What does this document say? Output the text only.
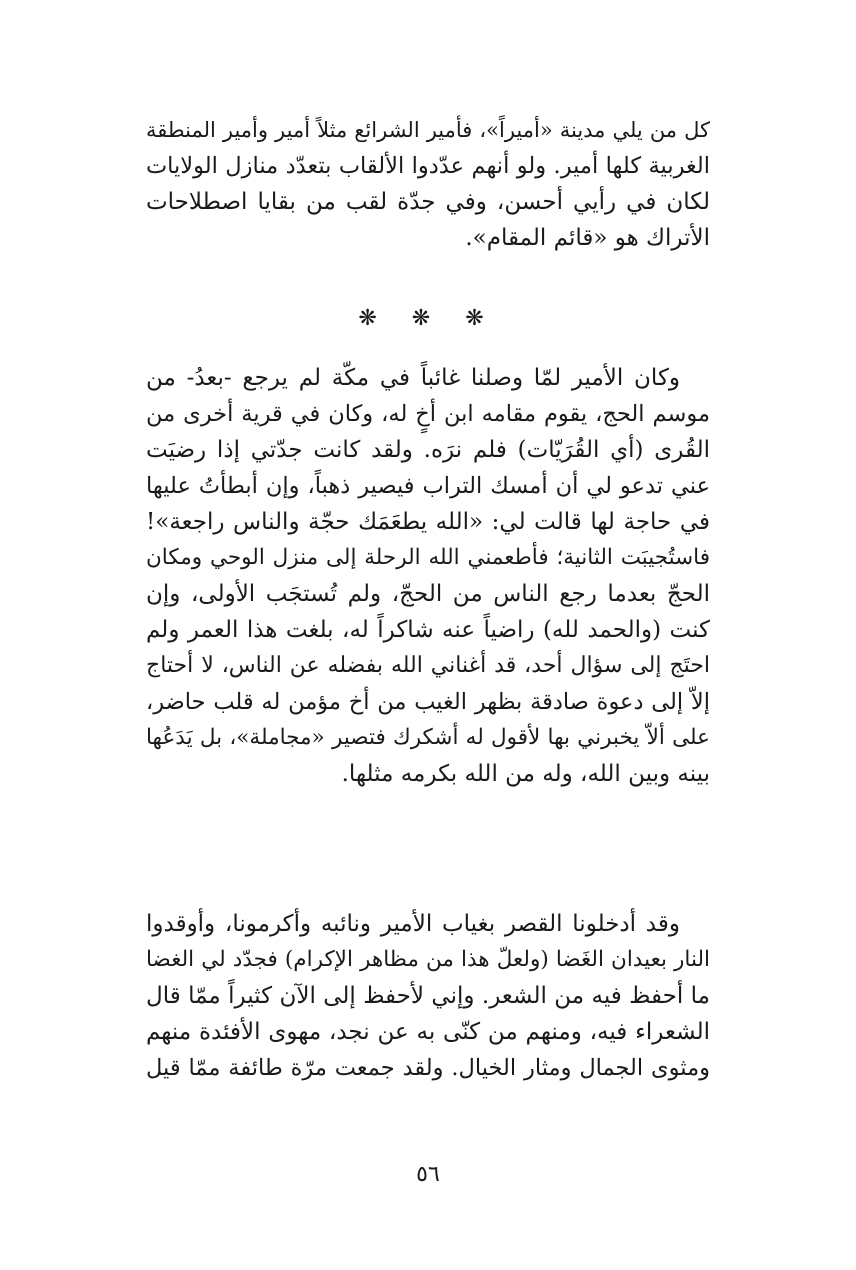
كل من يلي مدينة «أميراً»، فأمير الشرائع مثلاً أمير وأمير المنطقة
الغربية كلها أمير. ولو أنهم عدّدوا الألقاب بتعدّد منازل الولايات
لكان في رأيي أحسن، وفي جدّة لقب من بقايا اصطلاحات
الأتراك هو «قائم المقام».
❋ ❋ ❋
وكان الأمير لمّا وصلنا غائباً في مكّة لم يرجع -بعدُ- من
موسم الحج، يقوم مقامه ابن أخٍ له، وكان في قرية أخرى من
القُرى (أي القُرَيّات) فلم نرَه. ولقد كانت جدّتي إذا رضيَت
عني تدعو لي أن أمسك التراب فيصير ذهباً، وإن أبطأتُ عليها
في حاجة لها قالت لي: «الله يطعَمَك حجّة والناس راجعة»!
فاستُجيبَت الثانية؛ فأطعمني الله الرحلة إلى منزل الوحي ومكان
الحجّ بعدما رجع الناس من الحجّ، ولم تُستجَب الأولى، وإن
كنت (والحمد لله) راضياً عنه شاكراً له، بلغت هذا العمر ولم
احتَج إلى سؤال أحد، قد أغناني الله بفضله عن الناس، لا أحتاج
إلاّ إلى دعوة صادقة بظهر الغيب من أخ مؤمن له قلب حاضر،
على ألاّ يخبرني بها لأقول له أشكرك فتصير «مجاملة»، بل يَدَعُها
بينه وبين الله، وله من الله بكرمه مثلها.
وقد أدخلونا القصر بغياب الأمير ونائبه وأكرمونا، وأوقدوا
النار بعيدان الغَضا (ولعلّ هذا من مظاهر الإكرام) فجدّد لي الغضا
ما أحفظ فيه من الشعر. وإني لأحفظ إلى الآن كثيراً ممّا قال
الشعراء فيه، ومنهم من كنّى به عن نجد، مهوى الأفئدة منهم
ومثوى الجمال ومثار الخيال. ولقد جمعت مرّة طائفة ممّا قيل
٥٦
